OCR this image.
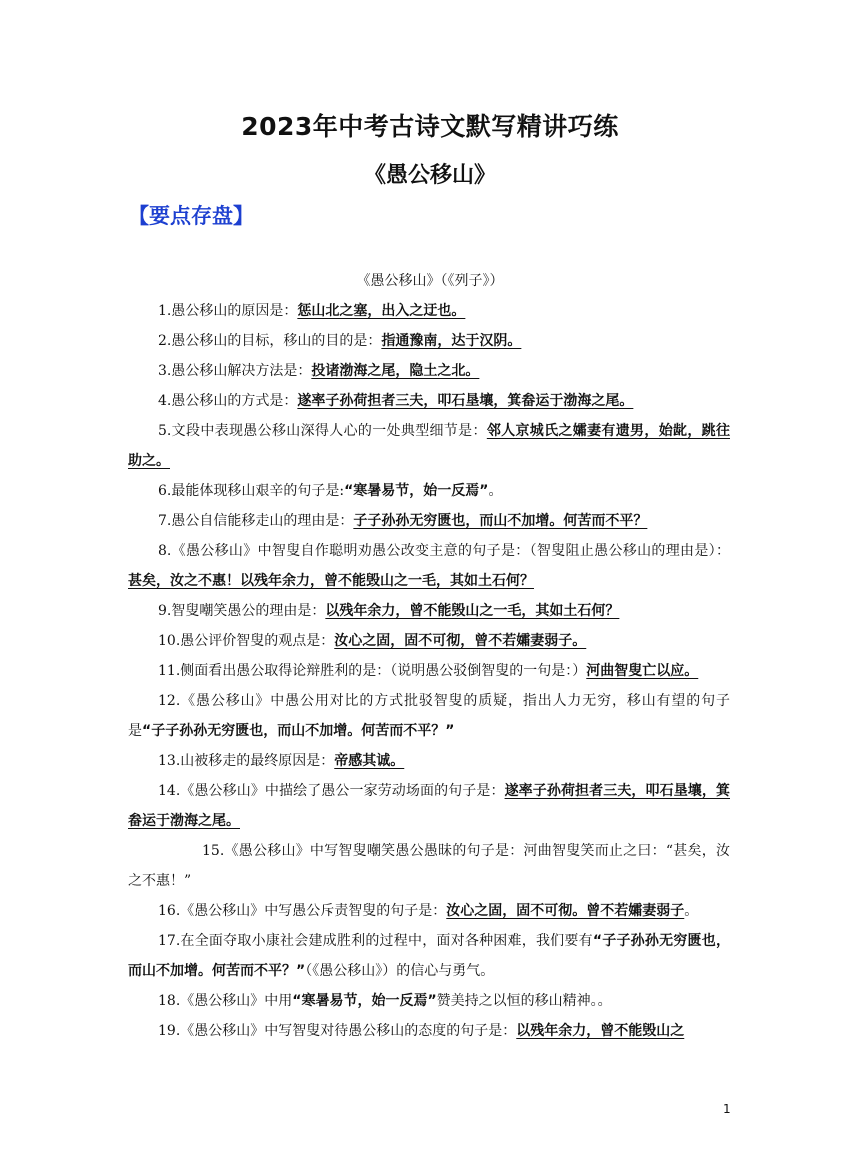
2023年中考古诗文默写精讲巧练
《愚公移山》
【要点存盘】
《愚公移山》（《列子》）

1.愚公移山的原因是：惩山北之塞，出入之迂也。

2.愚公移山的目标，移山的目的是：指通豫南，达于汉阴。

3.愚公移山解决方法是：投诸渤海之尾，隐土之北。

4.愚公移山的方式是：遂率子孙荷担者三夫，叩石垦壤，箕畚运于渤海之尾。

5.文段中表现愚公移山深得人心的一处典型细节是：邻人京城氏之孀妻有遗男，始龀，跳往助之。

6.最能体现移山艰辛的句子是:“寒暑易节，始一反焉”。

7.愚公自信能移走山的理由是：子子孙孙无穷匮也，而山不加增。何苦而不平？

8.《愚公移山》中智叟自作聪明劝愚公改变主意的句子是：（智叟阻止愚公移山的理由是）：甚矣，汝之不惠！以残年余力，曾不能毁山之一毛，其如土石何？

9.智叟嘲笑愚公的理由是：以残年余力，曾不能毁山之一毛，其如土石何？

10.愚公评价智叟的观点是：汝心之固，固不可彻，曾不若孀妻弱子。

11.侧面看出愚公取得论辩胜利的是：（说明愚公驳倒智叟的一句是：）河曲智叟亡以应。

12.《愚公移山》中愚公用对比的方式批驳智叟的质疑，指出人力无穷，移山有望的句子是“子子孙孙无穷匮也，而山不加增。何苦而不平？”

13.山被移走的最终原因是：帝感其诚。

14.《愚公移山》中描绘了愚公一家劳动场面的句子是：遂率子孙荷担者三夫，叩石垦壤，箕畚运于渤海之尾。

15.《愚公移山》中写智叟嘲笑愚公愚昧的句子是：河曲智叟笑而止之曰：“甚矣，汝之不惠！”

16.《愚公移山》中写愚公斥责智叟的句子是：汝心之固，固不可彻。曾不若孀妻弱子。

17.在全面夺取小康社会建成胜利的过程中，面对各种困难，我们要有“子子孙孙无穷匮也，而山不加增。何苦而不平？”（《愚公移山》）的信心与勇气。

18.《愚公移山》中用“寒暑易节，始一反焉”赞美持之以恒的移山精神。。

19.《愚公移山》中写智叟对待愚公移山的态度的句子是：以残年余力，曾不能毁山之

1
